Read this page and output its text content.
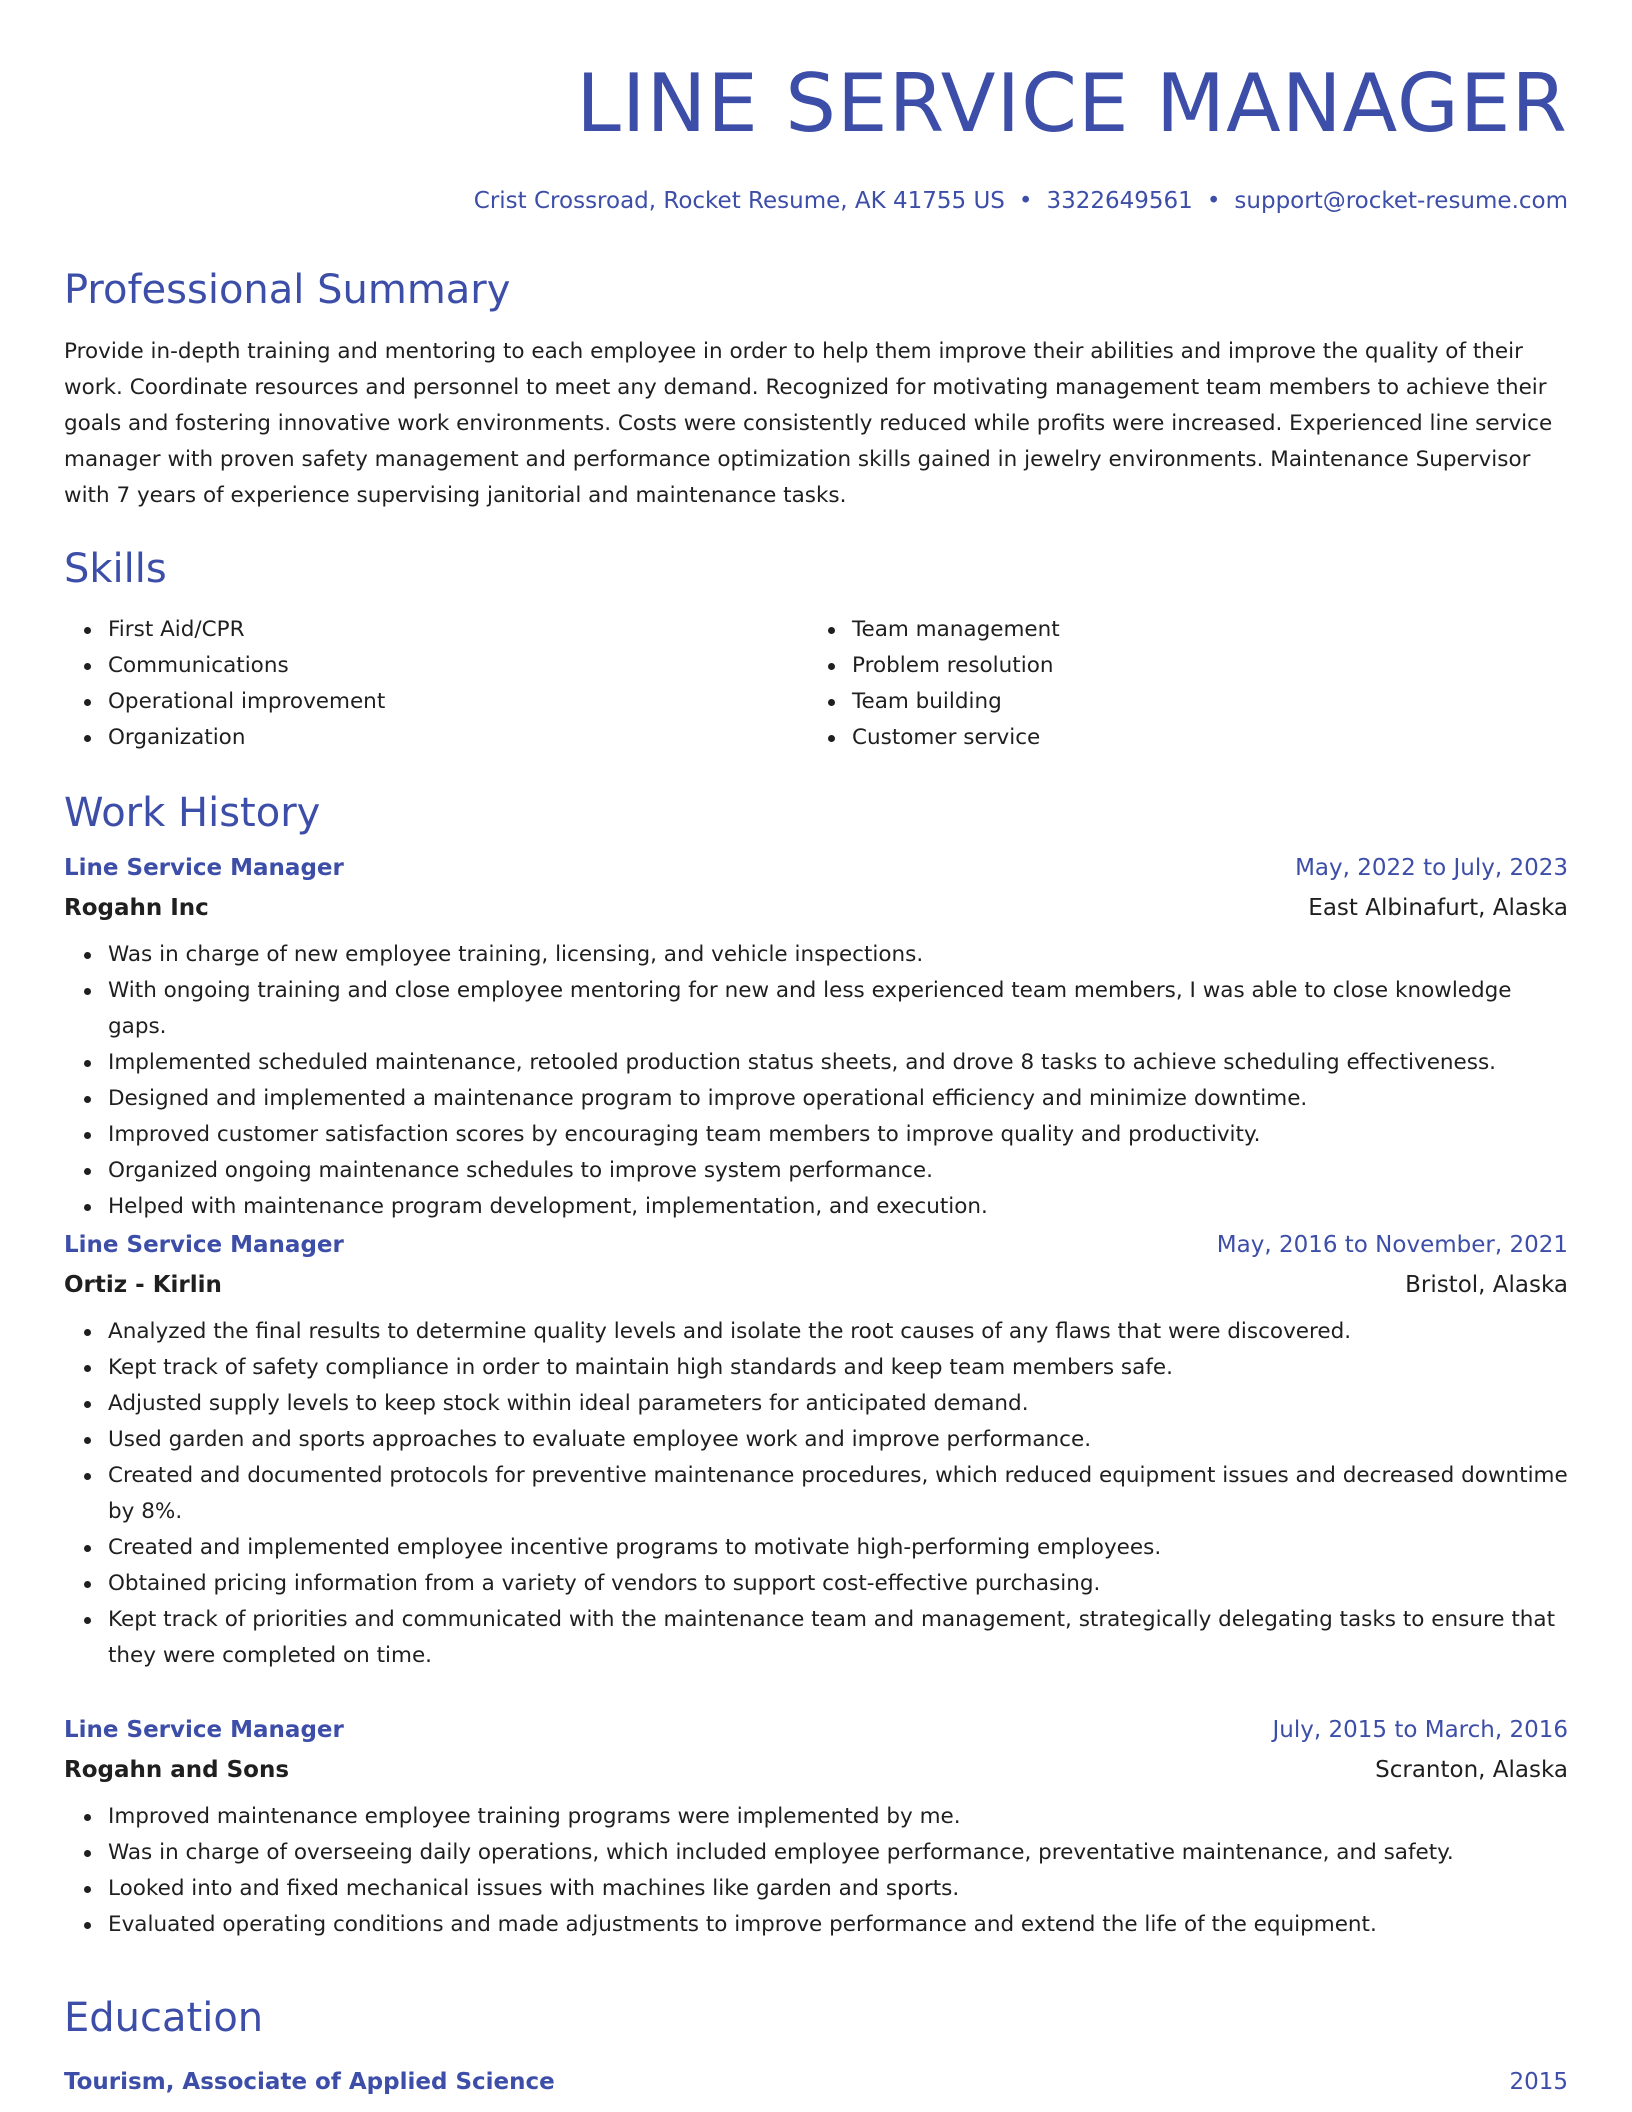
LINE SERVICE MANAGER
Crist Crossroad, Rocket Resume, AK 41755 US • 3322649561 • support@rocket-resume.com
Professional Summary
Provide in-depth training and mentoring to each employee in order to help them improve their abilities and improve the quality of their work. Coordinate resources and personnel to meet any demand. Recognized for motivating management team members to achieve their goals and fostering innovative work environments. Costs were consistently reduced while profits were increased. Experienced line service manager with proven safety management and performance optimization skills gained in jewelry environments. Maintenance Supervisor with 7 years of experience supervising janitorial and maintenance tasks.
Skills
First Aid/CPR
Communications
Operational improvement
Organization
Team management
Problem resolution
Team building
Customer service
Work History
Line Service Manager	May, 2022 to July, 2023
Rogahn Inc	East Albinafurt, Alaska
Was in charge of new employee training, licensing, and vehicle inspections.
With ongoing training and close employee mentoring for new and less experienced team members, I was able to close knowledge gaps.
Implemented scheduled maintenance, retooled production status sheets, and drove 8 tasks to achieve scheduling effectiveness.
Designed and implemented a maintenance program to improve operational efficiency and minimize downtime.
Improved customer satisfaction scores by encouraging team members to improve quality and productivity.
Organized ongoing maintenance schedules to improve system performance.
Helped with maintenance program development, implementation, and execution.
Line Service Manager	May, 2016 to November, 2021
Ortiz - Kirlin	Bristol, Alaska
Analyzed the final results to determine quality levels and isolate the root causes of any flaws that were discovered.
Kept track of safety compliance in order to maintain high standards and keep team members safe.
Adjusted supply levels to keep stock within ideal parameters for anticipated demand.
Used garden and sports approaches to evaluate employee work and improve performance.
Created and documented protocols for preventive maintenance procedures, which reduced equipment issues and decreased downtime by 8%.
Created and implemented employee incentive programs to motivate high-performing employees.
Obtained pricing information from a variety of vendors to support cost-effective purchasing.
Kept track of priorities and communicated with the maintenance team and management, strategically delegating tasks to ensure that they were completed on time.
Line Service Manager	July, 2015 to March, 2016
Rogahn and Sons	Scranton, Alaska
Improved maintenance employee training programs were implemented by me.
Was in charge of overseeing daily operations, which included employee performance, preventative maintenance, and safety.
Looked into and fixed mechanical issues with machines like garden and sports.
Evaluated operating conditions and made adjustments to improve performance and extend the life of the equipment.
Education
Tourism, Associate of Applied Science	2015
